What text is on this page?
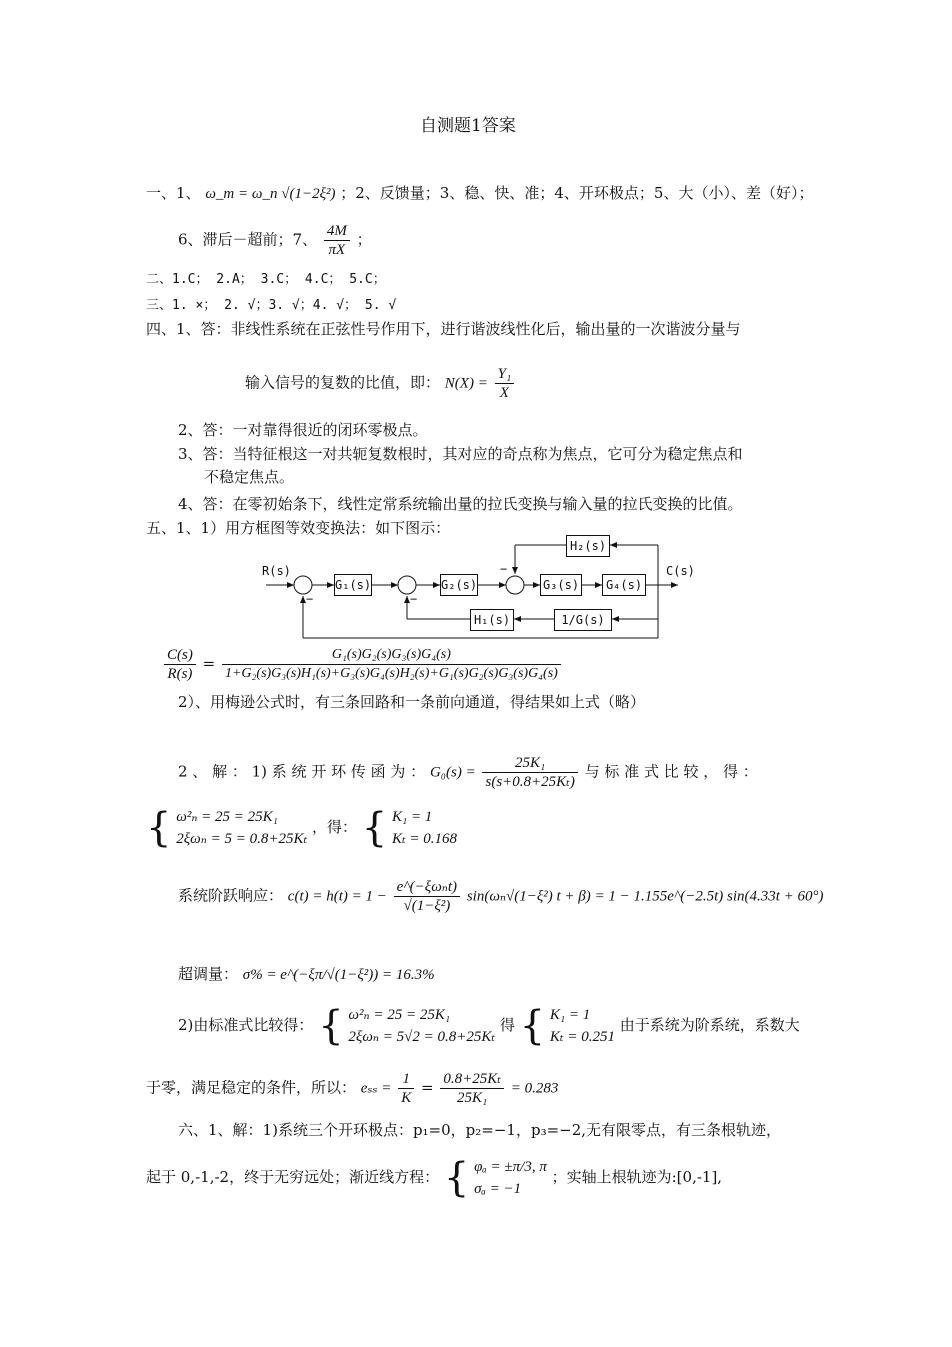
自测题1答案
一、1、 ω_m = ω_n √(1−2ξ²) ；2、反馈量；3、稳、快、准；4、开环极点；5、大（小）、差（好）；
6、滞后－超前；7、 $\frac{4M}{\pi X}$ ；
二、1.C； 2.A； 3.C； 4.C； 5.C；
三、1. ×； 2. √；3. √；4. √； 5. √
四、1、答：非线性系统在正弦性号作用下，进行谐波线性化后，输出量的一次谐波分量与
输入信号的复数的比值，即： $N(X) = \frac{\text{Y₁}}{X}$
2、答：一对靠得很近的闭环零极点。
3、答：当特征根这一对共轭复数根时，其对应的奇点称为焦点，它可分为稳定焦点和
不稳定焦点。
4、答：在零初始条下，线性定常系统输出量的拉氏变换与输入量的拉氏变换的比值。
五、1、1）用方框图等效变换法：如下图示：
R(s)	C(s)
G₁(s)	G₂(s)	G₃(s)	G₄(s)
H₂(s)
H₁(s)	1/G(s)
−	−
−
$\frac{C(s)}{R(s)} = \frac{\text{G₁(s)G₂(s)G₃(s)G₄(s)}}{\text{1+G₂(s)G₃(s)H₁(s)+G₃(s)G₄(s)H₂(s)+G₁(s)G₂(s)G₃(s)G₄(s)}}$
2）、用梅逊公式时，有三条回路和一条前向通道，得结果如上式（略）
2 、 解 ： 1) 系 统 开 环 传 函 为 ： $G_0(s) = \frac{\text{25K₁}}{\text{s(s+0.8+25Kₜ)}}$ 与 标 准 式 比 较 ， 得 ：
{ ω²ₙ = 25 = 25K₁
2ξωₙ = 5 = 0.8+25Kₜ
，得： { K₁ = 1
Kₜ = 0.168
系统阶跃响应： $c(t) = h(t) = 1 - \frac{\text{e\textasciicircum{}(−ξωₙt)}}{\text{√(1−ξ²)}} \sin(\omega_n√(1-\xi^2) t + \beta) = 1$ − 1.155e^(−2.5t) sin(4.33t + 60°)
超调量： σ% = e^(−ξπ/√(1−ξ²)) = 16.3%
2)由标准式比较得： { ω²ₙ = 25 = 25K₁
2ξωₙ = 5√2 = 0.8+25Kₜ
得 { K₁ = 1
Kₜ = 0.251
由于系统为阶系统，系数大
于零，满足稳定的条件，所以： $e_{ss} = \frac{1}{K} = \frac{\text{0.8+25Kₜ}}{\text{25K₁}} = 0.283$
六、1、解：1)系统三个开环极点：p₁=0，p₂=−1，p₃=−2,无有限零点，有三条根轨迹，
起于 0,-1,-2，终于无穷远处；渐近线方程： { φₐ = ±π/3, π
σₐ = −1
；实轴上根轨迹为:[0,-1],
